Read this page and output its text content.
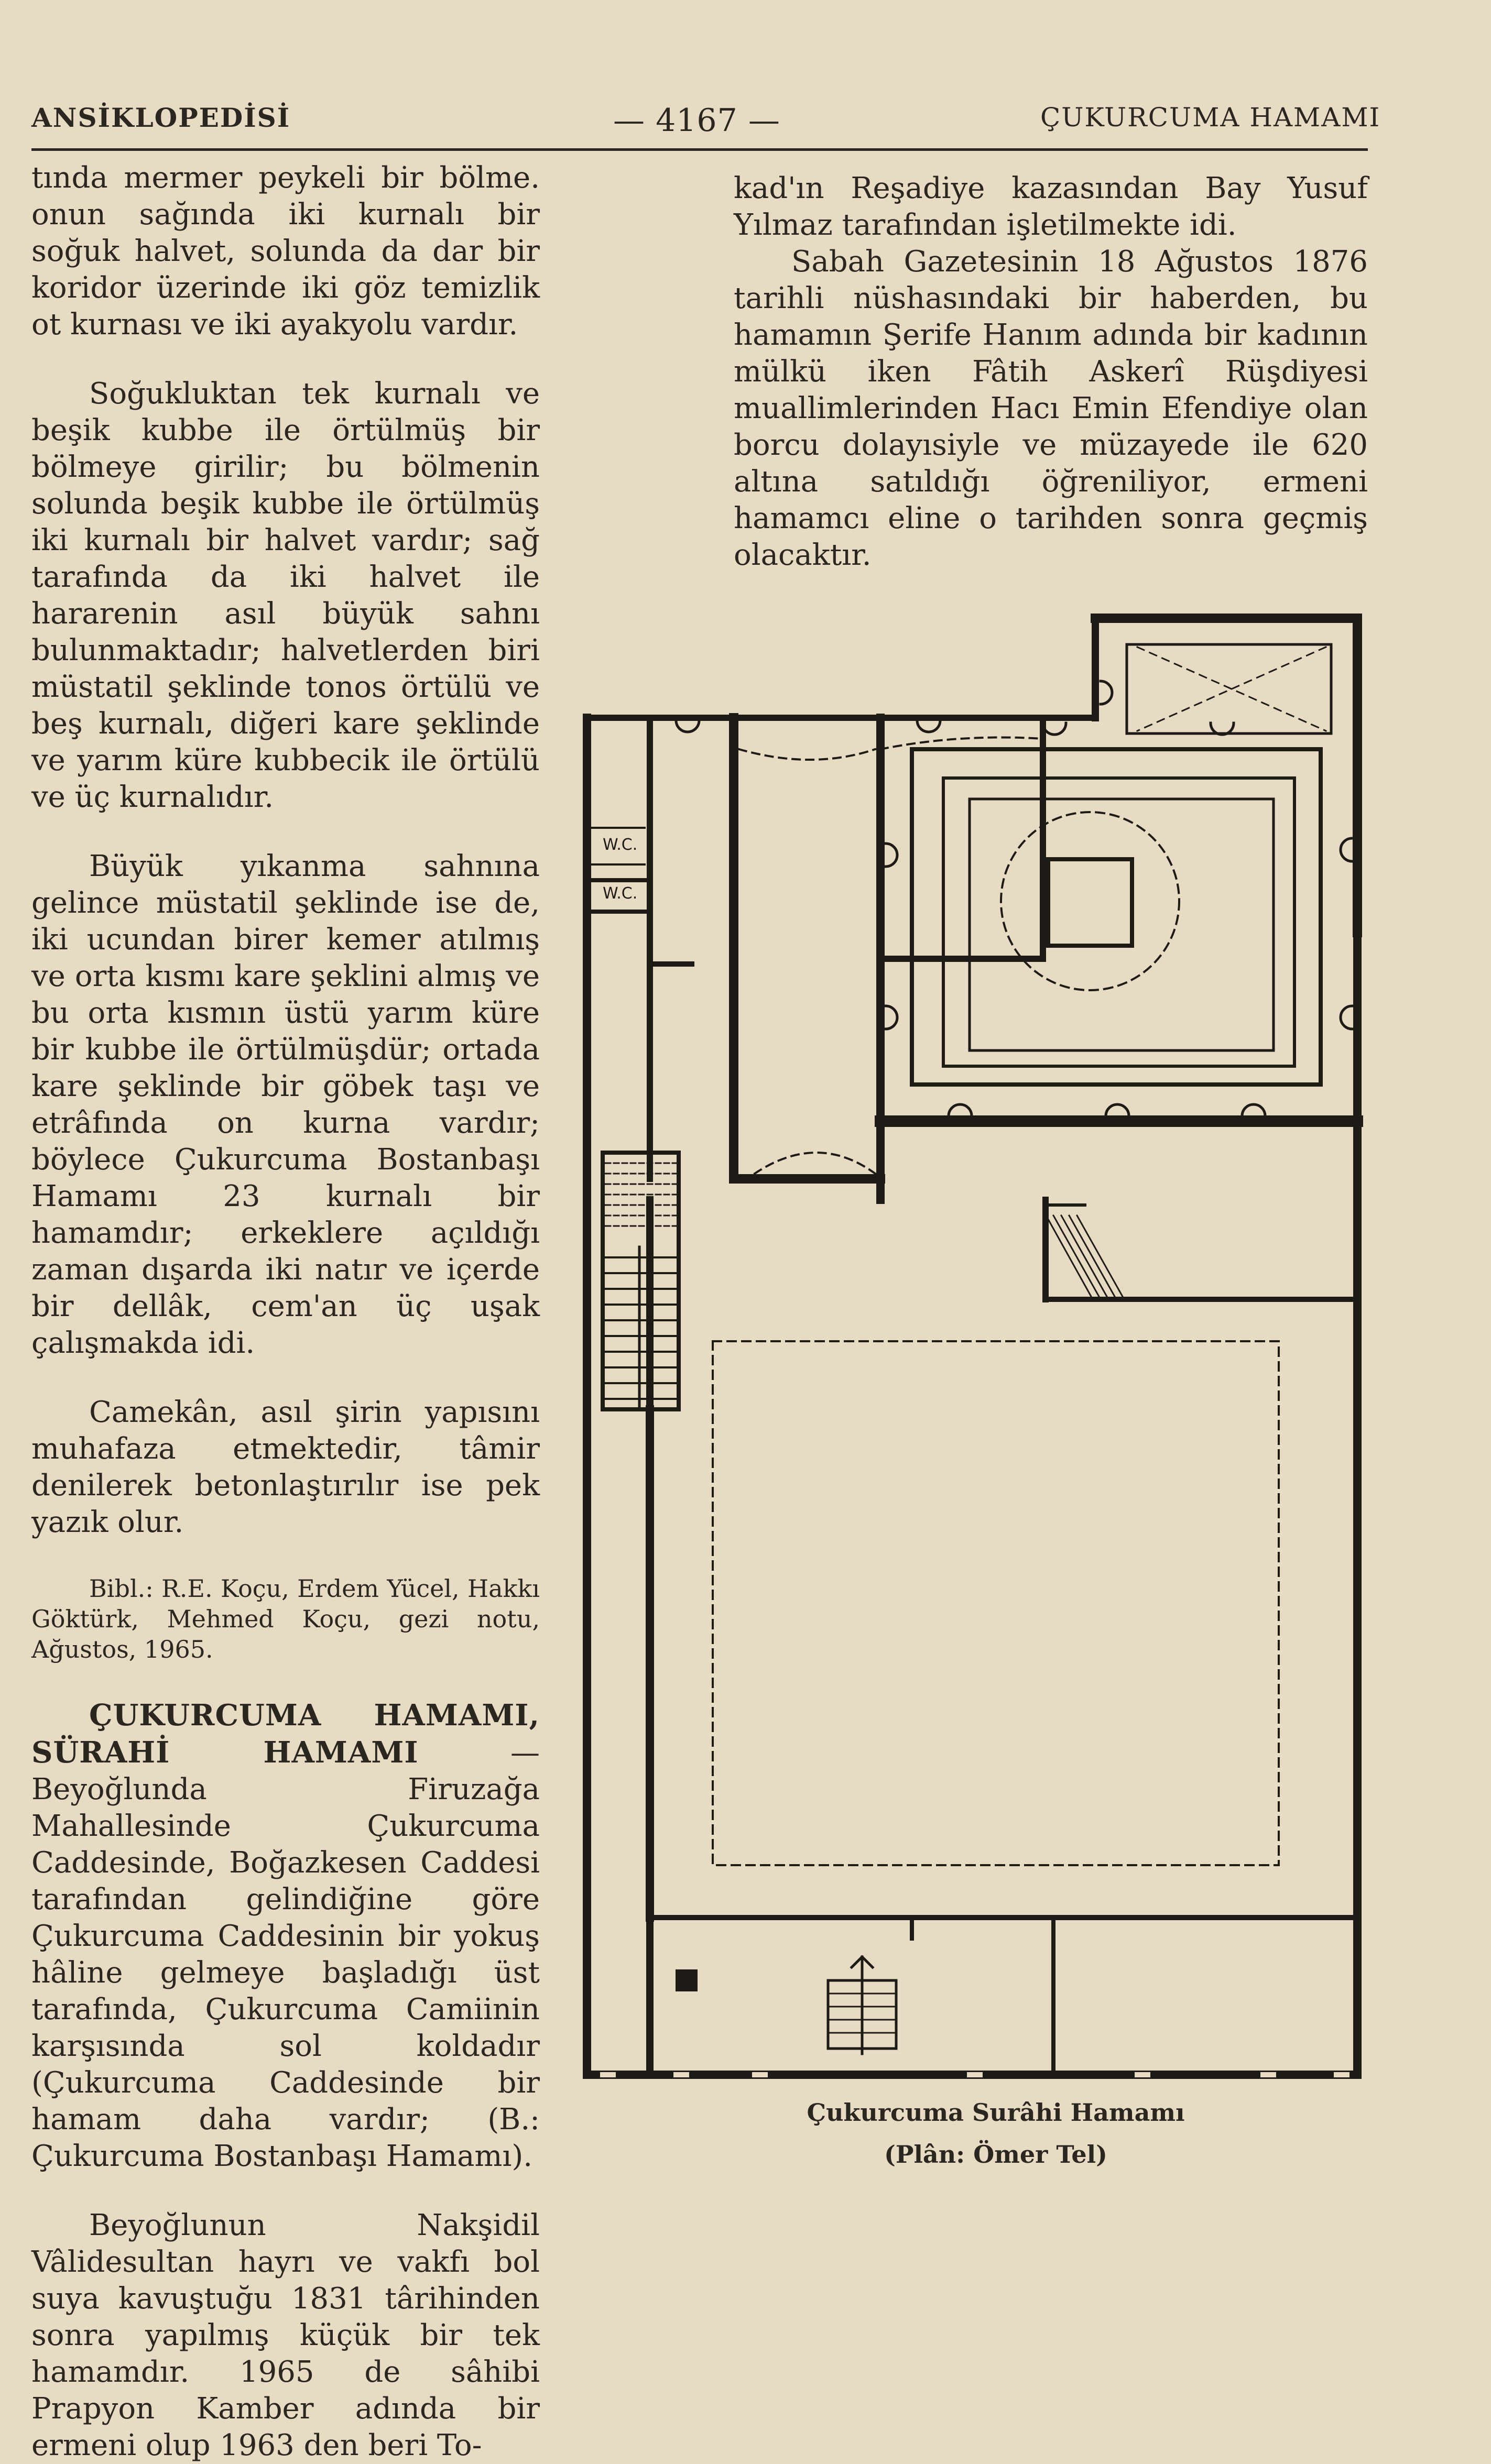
ANSİKLOPEDİSİ	— 4167 —	ÇUKURCUMA HAMAMI

tında mermer peykeli bir bölme. onun sağında iki kurnalı bir soğuk halvet, solunda da dar bir koridor üzerinde iki göz temizlik ot kurnası ve iki ayakyolu vardır.

Soğukluktan tek kurnalı ve beşik kubbe ile örtülmüş bir bölmeye girilir; bu bölmenin solunda beşik kubbe ile örtülmüş iki kurnalı bir halvet vardır; sağ tarafında da iki halvet ile hararenin asıl büyük sahnı bulunmaktadır; halvetlerden biri müstatil şeklinde tonos örtülü ve beş kurnalı, diğeri kare şeklinde ve yarım küre kubbecik ile örtülü ve üç kurnalıdır.

Büyük yıkanma sahnına gelince müstatil şeklinde ise de, iki ucundan birer kemer atılmış ve orta kısmı kare şeklini almış ve bu orta kısmın üstü yarım küre bir kubbe ile örtülmüşdür; ortada kare şeklinde bir göbek taşı ve etrâfında on kurna vardır; böylece Çukurcuma Bostanbaşı Hamamı 23 kurnalı bir hamamdır; erkeklere açıldığı zaman dışarda iki natır ve içerde bir dellâk, cem'an üç uşak çalışmakda idi.

Camekân, asıl şirin yapısını muhafaza etmektedir, tâmir denilerek betonlaştırılır ise pek yazık olur.

Bibl.: R.E. Koçu, Erdem Yücel, Hakkı Göktürk, Mehmed Koçu, gezi notu, Ağustos, 1965.

ÇUKURCUMA HAMAMI, SÜRAHİ HAMAMI — Beyoğlunda Firuzağa Mahallesinde Çukurcuma Caddesinde, Boğazkesen Caddesi tarafından gelindiğine göre Çukurcuma Caddesinin bir yokuş hâline gelmeye başladığı üst tarafında, Çukurcuma Camiinin karşısında sol koldadır (Çukurcuma Caddesinde bir hamam daha vardır; (B.: Çukurcuma Bostanbaşı Hamamı).

Beyoğlunun Nakşidil Vâlidesultan hayrı ve vakfı bol suya kavuştuğu 1831 târihinden sonra yapılmış küçük bir tek hamamdır. 1965 de sâhibi Prapyon Kamber adında bir ermeni olup 1963 den beri To-

kad'ın Reşadiye kazasından Bay Yusuf Yılmaz tarafından işletilmekte idi.

Sabah Gazetesinin 18 Ağustos 1876 tarihli nüshasındaki bir haberden, bu hamamın Şerife Hanım adında bir kadının mülkü iken Fâtih Askerî Rüşdiyesi muallimlerinden Hacı Emin Efendiye olan borcu dolayısiyle ve müzayede ile 620 altına satıldığı öğreniliyor, ermeni hamamcı eline o tarihden sonra geçmiş olacaktır.

W.C.
W.C.
Çukurcuma Surâhi Hamamı
(Plân: Ömer Tel)
